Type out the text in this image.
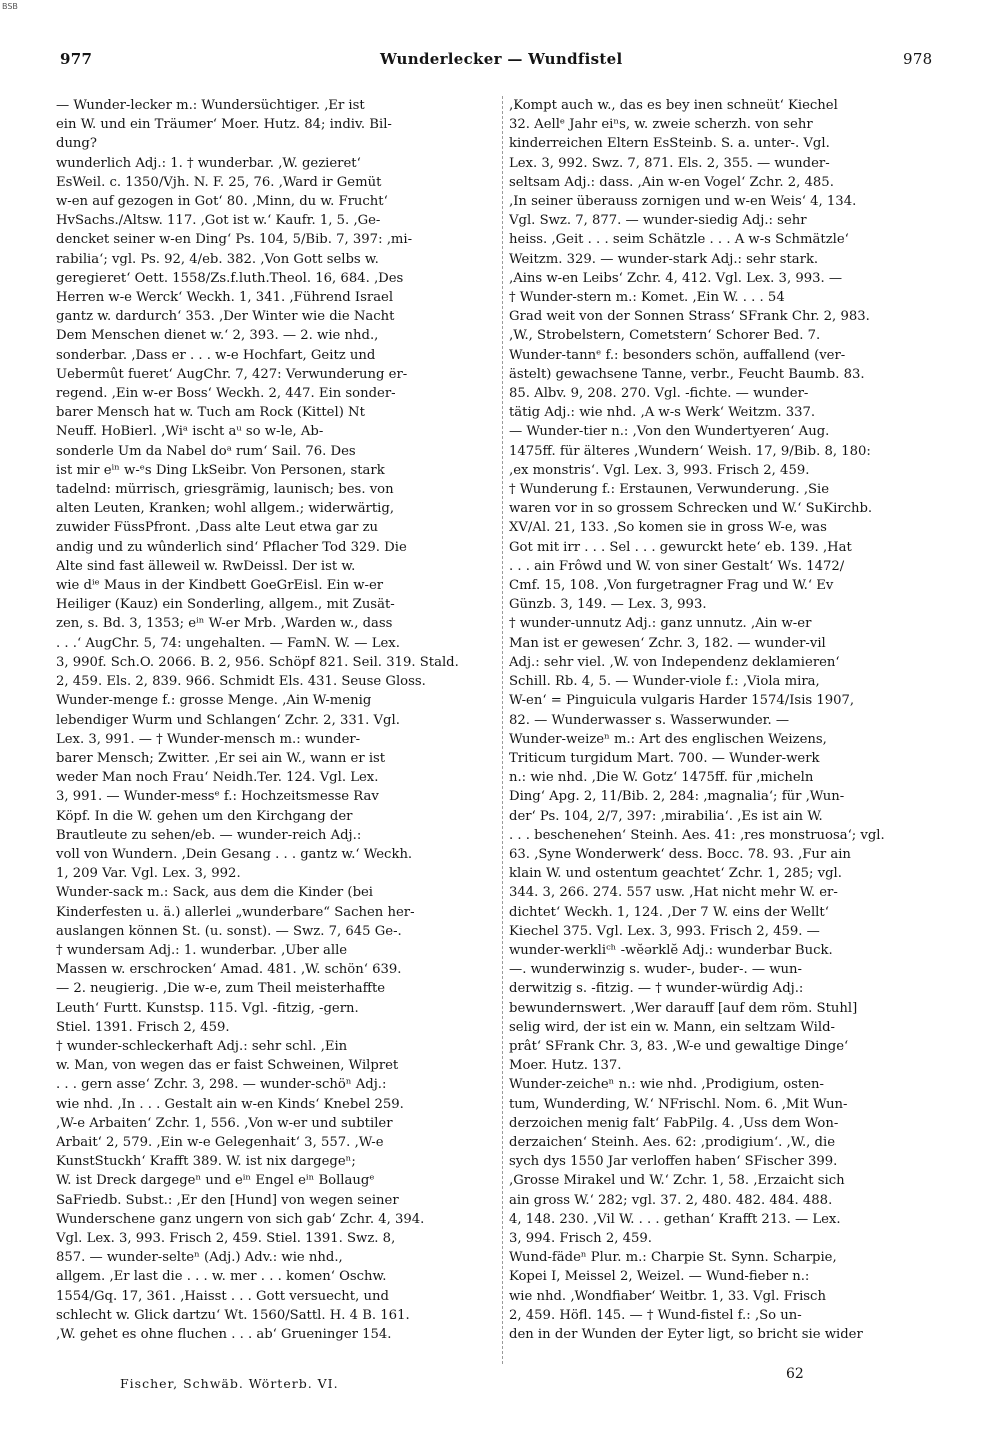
BSB
977	Wunderlecker — Wundfistel	978
— Wunder-lecker m.: Wundersüchtiger. ‚Er ist
ein W. und ein Träumer‘ Moer. Hutz. 84; indiv. Bil-
dung?
wunderlich Adj.: 1. † wunderbar. ‚W. gezieret‘
EsWeil. c. 1350/Vjh. N. F. 25, 76. ‚Ward ir Gemüt
w-en auf gezogen in Got‘ 80. ‚Minn, du w. Frucht‘
HvSachs./Altsw. 117. ‚Got ist w.‘ Kaufr. 1, 5. ‚Ge-
dencket seiner w-en Ding‘ Ps. 104, 5/Bib. 7, 397: ‚mi-
rabilia‘; vgl. Ps. 92, 4/eb. 382. ‚Von Gott selbs w.
geregieret‘ Oett. 1558/Zs.f.luth.Theol. 16, 684. ‚Des
Herren w-e Werck‘ Weckh. 1, 341. ‚Führend Israel
gantz w. dardurch‘ 353. ‚Der Winter wie die Nacht
Dem Menschen dienet w.‘ 2, 393. — 2. wie nhd.,
sonderbar. ‚Dass er . . . w-e Hochfart, Geitz und
Uebermût fueret‘ AugChr. 7, 427: Verwunderung er-
regend. ‚Ein w-er Boss‘ Weckh. 2, 447. Ein sonder-
barer Mensch hat w. Tuch am Rock (Kittel) Nt
Neuff. HoBierl. ‚Wiᵃ ischt aᵘ so w-le, Ab-
sonderle Um da Nabel doᵃ rum‘ Sail. 76. Des
ist mir eⁱⁿ w-ᵉs Ding LkSeibr. Von Personen, stark
tadelnd: mürrisch, griesgrämig, launisch; bes. von
alten Leuten, Kranken; wohl allgem.; widerwärtig,
zuwider FüssPfront. ‚Dass alte Leut etwa gar zu
andig und zu wûnderlich sind‘ Pflacher Tod 329. Die
Alte sind fast älleweil w. RwDeissl. Der ist w.
wie dⁱᵉ Maus in der Kindbett GoeGrEisl. Ein w-er
Heiliger (Kauz) ein Sonderling, allgem., mit Zusät-
zen, s. Bd. 3, 1353; eⁱⁿ W-er Mrb. ‚Warden w., dass
. . .‘ AugChr. 5, 74: ungehalten. — FamN. W. — Lex.
3, 990f. Sch.O. 2066. B. 2, 956. Schöpf 821. Seil. 319. Stald.
2, 459. Els. 2, 839. 966. Schmidt Els. 431. Seuse Gloss.
Wunder-menge f.: grosse Menge. ‚Ain W-menig
lebendiger Wurm und Schlangen‘ Zchr. 2, 331. Vgl.
Lex. 3, 991. — † Wunder-mensch m.: wunder-
barer Mensch; Zwitter. ‚Er sei ain W., wann er ist
weder Man noch Frau‘ Neidh.Ter. 124. Vgl. Lex.
3, 991. — Wunder-messᵉ f.: Hochzeitsmesse Rav
Köpf. In die W. gehen um den Kirchgang der
Brautleute zu sehen/eb. — wunder-reich Adj.:
voll von Wundern. ‚Dein Gesang . . . gantz w.‘ Weckh.
1, 209 Var. Vgl. Lex. 3, 992.
Wunder-sack m.: Sack, aus dem die Kinder (bei
Kinderfesten u. ä.) allerlei „wunderbare“ Sachen her-
auslangen können St. (u. sonst). — Swz. 7, 645 Ge-.
† wundersam Adj.: 1. wunderbar. ‚Uber alle
Massen w. erschrocken‘ Amad. 481. ‚W. schön‘ 639.
— 2. neugierig. ‚Die w-e, zum Theil meisterhaffte
Leuth‘ Furtt. Kunstsp. 115. Vgl. -fitzig, -gern.
Stiel. 1391. Frisch 2, 459.
† wunder-schleckerhaft Adj.: sehr schl. ‚Ein
w. Man, von wegen das er faist Schweinen, Wilpret
. . . gern asse‘ Zchr. 3, 298. — wunder-schöⁿ Adj.:
wie nhd. ‚In . . . Gestalt ain w-en Kinds‘ Knebel 259.
‚W-e Arbaiten‘ Zchr. 1, 556. ‚Von w-er und subtiler
Arbait‘ 2, 579. ‚Ein w-e Gelegenhait‘ 3, 557. ‚W-e
KunstStuckh‘ Krafft 389. W. ist nix dargegeⁿ;
W. ist Dreck dargegeⁿ und eⁱⁿ Engel eⁱⁿ Bollaugᵉ
SaFriedb. Subst.: ‚Er den [Hund] von wegen seiner
Wunderschene ganz ungern von sich gab‘ Zchr. 4, 394.
Vgl. Lex. 3, 993. Frisch 2, 459. Stiel. 1391. Swz. 8,
857. — wunder-selteⁿ (Adj.) Adv.: wie nhd.,
allgem. ‚Er last die . . . w. mer . . . komen‘ Oschw.
1554/Gq. 17, 361. ‚Haisst . . . Gott versuecht, und
schlecht w. Glick dartzu‘ Wt. 1560/Sattl. H. 4 B. 161.
‚W. gehet es ohne fluchen . . . ab‘ Grueninger 154.
‚Kompt auch w., das es bey inen schneüt‘ Kiechel
32. Aellᵉ Jahr eiⁿs, w. zweie scherzh. von sehr
kinderreichen Eltern EsSteinb. S. a. unter-. Vgl.
Lex. 3, 992. Swz. 7, 871. Els. 2, 355. — wunder-
seltsam Adj.: dass. ‚Ain w-en Vogel‘ Zchr. 2, 485.
‚In seiner überauss zornigen und w-en Weis‘ 4, 134.
Vgl. Swz. 7, 877. — wunder-siedig Adj.: sehr
heiss. ‚Geit . . . seim Schätzle . . . A w-s Schmätzle‘
Weitzm. 329. — wunder-stark Adj.: sehr stark.
‚Ains w-en Leibs‘ Zchr. 4, 412. Vgl. Lex. 3, 993. —
† Wunder-stern m.: Komet. ‚Ein W. . . . 54
Grad weit von der Sonnen Strass‘ SFrank Chr. 2, 983.
‚W., Strobelstern, Cometstern‘ Schorer Bed. 7.
Wunder-tannᵉ f.: besonders schön, auffallend (ver-
ästelt) gewachsene Tanne, verbr., Feucht Baumb. 83.
85. Albv. 9, 208. 270. Vgl. -fichte. — wunder-
tätig Adj.: wie nhd. ‚A w-s Werk‘ Weitzm. 337.
— Wunder-tier n.: ‚Von den Wundertyeren‘ Aug.
1475ff. für älteres ‚Wundern‘ Weish. 17, 9/Bib. 8, 180:
‚ex monstris‘. Vgl. Lex. 3, 993. Frisch 2, 459.
† Wunderung f.: Erstaunen, Verwunderung. ‚Sie
waren vor in so grossem Schrecken und W.‘ SuKirchb.
XV/Al. 21, 133. ‚So komen sie in gross W-e, was
Got mit irr . . . Sel . . . gewurckt hete‘ eb. 139. ‚Hat
. . . ain Frôwd und W. von siner Gestalt‘ Ws. 1472/
Cmf. 15, 108. ‚Von furgetragner Frag und W.‘ Ev
Günzb. 3, 149. — Lex. 3, 993.
† wunder-unnutz Adj.: ganz unnutz. ‚Ain w-er
Man ist er gewesen‘ Zchr. 3, 182. — wunder-vil
Adj.: sehr viel. ‚W. von Independenz deklamieren‘
Schill. Rb. 4, 5. — Wunder-viole f.: ‚Viola mira,
W-en‘ = Pinguicula vulgaris Harder 1574/Isis 1907,
82. — Wunderwasser s. Wasserwunder. —
Wunder-weizeⁿ m.: Art des englischen Weizens,
Triticum turgidum Mart. 700. — Wunder-werk
n.: wie nhd. ‚Die W. Gotz‘ 1475ff. für ‚micheln
Ding‘ Apg. 2, 11/Bib. 2, 284: ‚magnalia‘; für ‚Wun-
der‘ Ps. 104, 2/7, 397: ‚mirabilia‘. ‚Es ist ain W.
. . . beschenehen‘ Steinh. Aes. 41: ‚res monstruosa‘; vgl.
63. ‚Syne Wonderwerk‘ dess. Bocc. 78. 93. ‚Fur ain
klain W. und ostentum geachtet‘ Zchr. 1, 285; vgl.
344. 3, 266. 274. 557 usw. ‚Hat nicht mehr W. er-
dichtet‘ Weckh. 1, 124. ‚Der 7 W. eins der Wellt‘
Kiechel 375. Vgl. Lex. 3, 993. Frisch 2, 459. —
wunder-werkliᶜʰ -wĕərklĕ Adj.: wunderbar Buck.
—. wunderwinzig s. wuder-, buder-. — wun-
derwitzig s. -fitzig. — † wunder-würdig Adj.:
bewundernswert. ‚Wer darauff [auf dem röm. Stuhl]
selig wird, der ist ein w. Mann, ein seltzam Wild-
prât‘ SFrank Chr. 3, 83. ‚W-e und gewaltige Dinge‘
Moer. Hutz. 137.
Wunder-zeicheⁿ n.: wie nhd. ‚Prodigium, osten-
tum, Wunderding, W.‘ NFrischl. Nom. 6. ‚Mit Wun-
derzoichen menig falt‘ FabPilg. 4. ‚Uss dem Won-
derzaichen‘ Steinh. Aes. 62: ‚prodigium‘. ‚W., die
sych dys 1550 Jar verloffen haben‘ SFischer 399.
‚Grosse Mirakel und W.‘ Zchr. 1, 58. ‚Erzaicht sich
ain gross W.‘ 282; vgl. 37. 2, 480. 482. 484. 488.
4, 148. 230. ‚Vil W. . . . gethan‘ Krafft 213. — Lex.
3, 994. Frisch 2, 459.
Wund-fädeⁿ Plur. m.: Charpie St. Synn. Scharpie,
Kopei I, Meissel 2, Weizel. — Wund-fieber n.:
wie nhd. ‚Wondfiaber‘ Weitbr. 1, 33. Vgl. Frisch
2, 459. Höfl. 145. — † Wund-fistel f.: ‚So un-
den in der Wunden der Eyter ligt, so bricht sie wider
Fischer, Schwäb. Wörterb. VI.
62
